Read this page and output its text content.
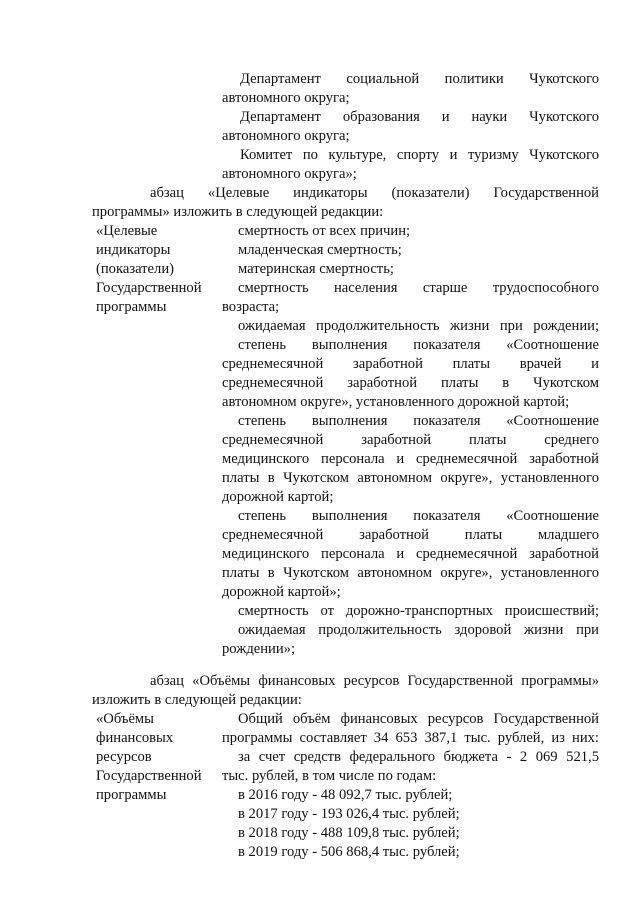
Департамент социальной политики Чукотского
автономного округа;
Департамент образования и науки Чукотского
автономного округа;
Комитет по культуре, спорту и туризму Чукотского
автономного округа»;
абзац «Целевые индикаторы (показатели) Государственной
программы» изложить в следующей редакции:
«Целевые
индикаторы
(показатели)
Государственной
программы
смертность от всех причин;
младенческая смертность;
материнская смертность;
смертность населения старше трудоспособного
возраста;
ожидаемая продолжительность жизни при рождении;
степень выполнения показателя «Соотношение
среднемесячной заработной платы врачей и
среднемесячной заработной платы в Чукотском
автономном округе», установленного дорожной картой;
степень выполнения показателя «Соотношение
среднемесячной заработной платы среднего
медицинского персонала и среднемесячной заработной
платы в Чукотском автономном округе», установленного
дорожной картой;
степень выполнения показателя «Соотношение
среднемесячной заработной платы младшего
медицинского персонала и среднемесячной заработной
платы в Чукотском автономном округе», установленного
дорожной картой»;
смертность от дорожно-транспортных происшествий;
ожидаемая продолжительность здоровой жизни при
рождении»;
абзац «Объёмы финансовых ресурсов Государственной программы»
изложить в следующей редакции:
«Объёмы
финансовых
ресурсов
Государственной
программы
Общий объём финансовых ресурсов Государственной
программы составляет 34 653 387,1 тыс. рублей, из них:
за счет средств федерального бюджета - 2 069 521,5
тыс. рублей, в том числе по годам:
в 2016 году - 48 092,7 тыс. рублей;
в 2017 году - 193 026,4 тыс. рублей;
в 2018 году - 488 109,8 тыс. рублей;
в 2019 году - 506 868,4 тыс. рублей;
